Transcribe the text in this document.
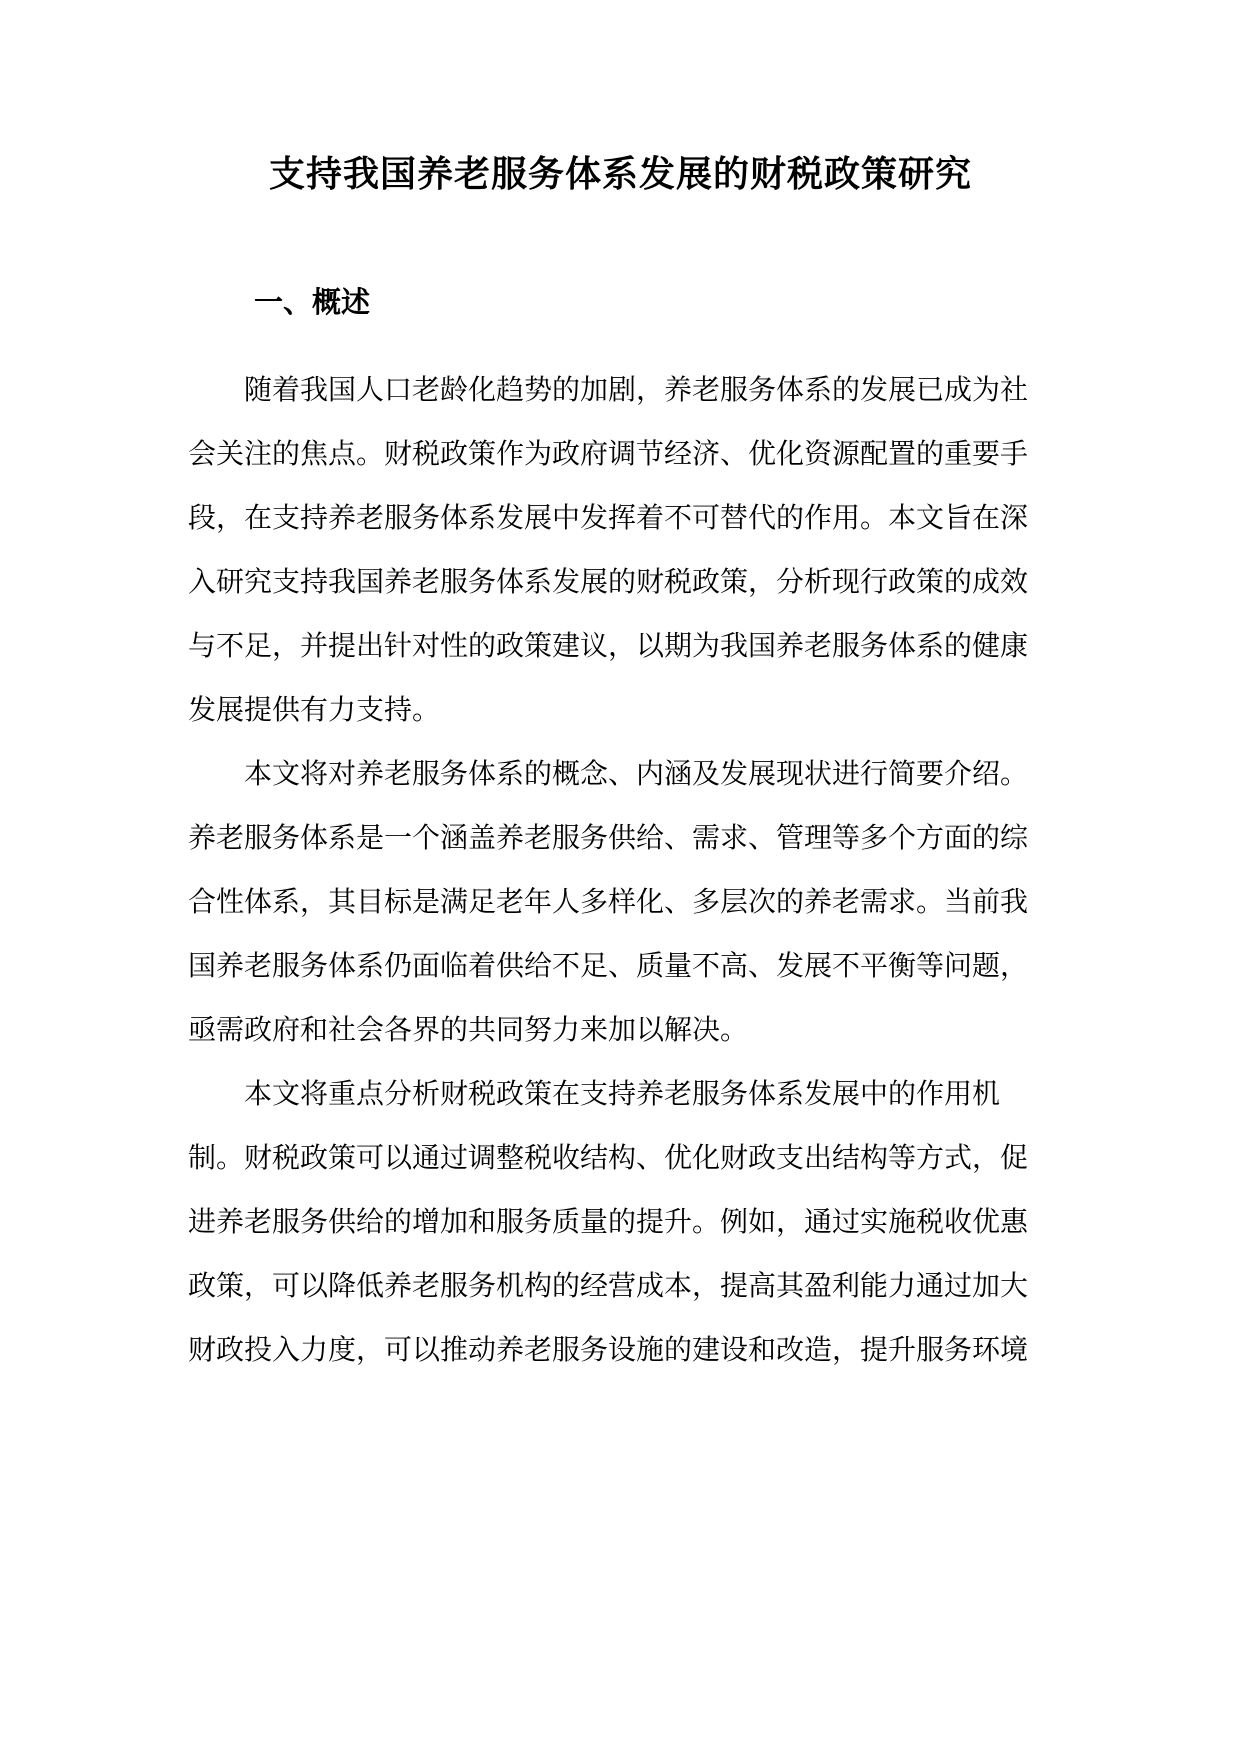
支持我国养老服务体系发展的财税政策研究
一、概述
随着我国人口老龄化趋势的加剧，养老服务体系的发展已成为社
会关注的焦点。财税政策作为政府调节经济、优化资源配置的重要手
段，在支持养老服务体系发展中发挥着不可替代的作用。本文旨在深
入研究支持我国养老服务体系发展的财税政策，分析现行政策的成效
与不足，并提出针对性的政策建议，以期为我国养老服务体系的健康
发展提供有力支持。
本文将对养老服务体系的概念、内涵及发展现状进行简要介绍。
养老服务体系是一个涵盖养老服务供给、需求、管理等多个方面的综
合性体系，其目标是满足老年人多样化、多层次的养老需求。当前我
国养老服务体系仍面临着供给不足、质量不高、发展不平衡等问题，
亟需政府和社会各界的共同努力来加以解决。
本文将重点分析财税政策在支持养老服务体系发展中的作用机
制。财税政策可以通过调整税收结构、优化财政支出结构等方式，促
进养老服务供给的增加和服务质量的提升。例如，通过实施税收优惠
政策，可以降低养老服务机构的经营成本，提高其盈利能力通过加大
财政投入力度，可以推动养老服务设施的建设和改造，提升服务环境
